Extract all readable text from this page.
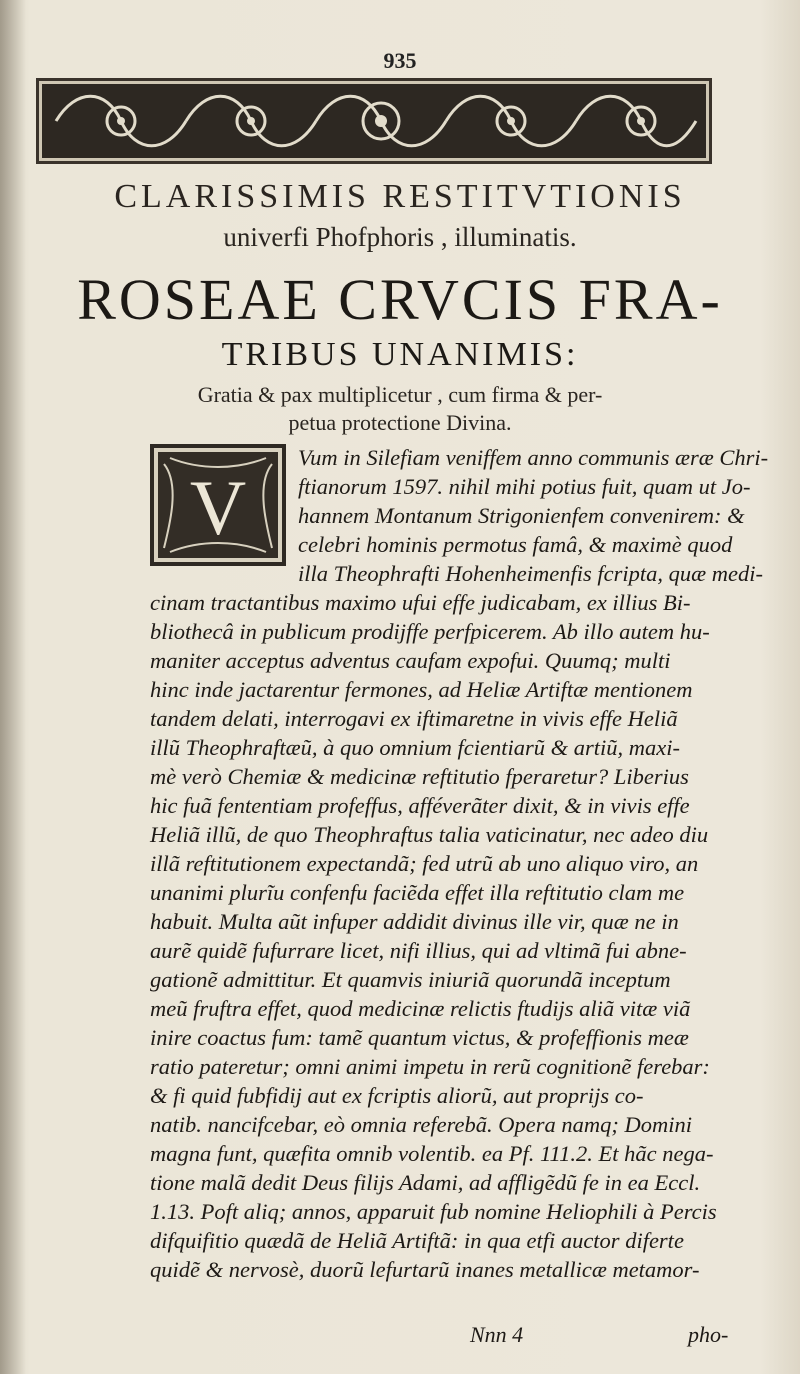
935
CLARISSIMIS RESTITVTIONIS
univerfi Phofphoris , illuminatis.
ROSEAE CRVCIS FRA-
TRIBUS UNANIMIS:
Gratia & pax multiplicetur , cum firma & per-
petua protectione Divina.
V
Vum in Silefiam veniffem anno communis æræ Chri-
ftianorum 1597. nihil mihi potius fuit, quam ut Jo-
hannem Montanum Strigonienfem convenirem: &
celebri hominis permotus famâ, & maximè quod
illa Theophrafti Hohenheimenfis fcripta, quæ medi-
cinam tractantibus maximo ufui effe judicabam, ex illius Bi-
bliothecâ in publicum prodijffe perfpicerem. Ab illo autem hu-
maniter acceptus adventus caufam expofui. Quumq; multi
hinc inde jactarentur fermones, ad Heliæ Artiftæ mentionem
tandem delati, interrogavi ex iftimaretne in vivis effe Heliã
illũ Theophraftæũ, à quo omnium fcientiarũ & artiũ, maxi-
mè verò Chemiæ & medicinæ reftitutio fperaretur? Liberius
hic fuã fententiam profeffus, afféverãter dixit, & in vivis effe
Heliã illũ, de quo Theophraftus talia vaticinatur, nec adeo diu
illã reftitutionem expectandã; fed utrũ ab uno aliquo viro, an
unanimi plurĩu confenfu faciẽda effet illa reftitutio clam me
habuit. Multa aũt infuper addidit divinus ille vir, quæ ne in
aurẽ quidẽ fufurrare licet, nifi illius, qui ad vltimã fui abne-
gationẽ admittitur. Et quamvis iniuriã quorundã inceptum
meũ fruftra effet, quod medicinæ relictis ftudijs aliã vitæ viã
inire coactus fum: tamẽ quantum victus, & profeffionis meæ
ratio pateretur; omni animi impetu in rerũ cognitionẽ ferebar:
& fi quid fubfidij aut ex fcriptis aliorũ, aut proprijs co-
natib. nancifcebar, eò omnia referebã. Opera namq; Domini
magna funt, quæfita omnib volentib. ea Pf. 111.2. Et hãc nega-
tione malã dedit Deus filijs Adami, ad affligẽdũ fe in ea Eccl.
1.13. Poft aliq; annos, apparuit fub nomine Heliophili à Percis
difquifitio quædã de Heliã Artiftã: in qua etfi auctor diferte
quidẽ & nervosè, duorũ lefurtarũ inanes metallicæ metamor-
Nnn 4	pho-
